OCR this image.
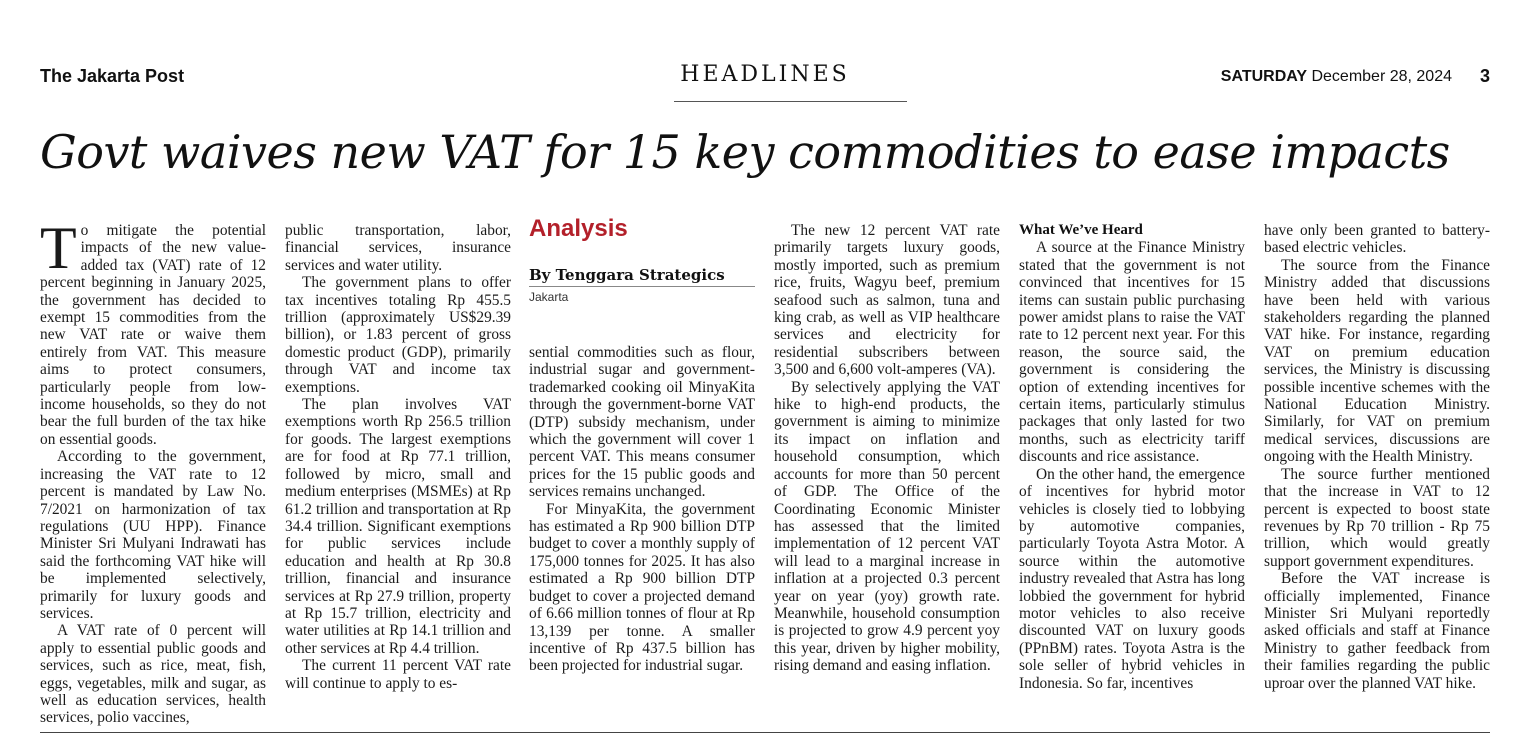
The Jakarta Post	HEADLINES	SATURDAY December 28, 2024 3
Govt waives new VAT for 15 key commodities to ease impacts

To mitigate the potential impacts of the new value-added tax (VAT) rate of 12 percent beginning in January 2025, the government has decided to exempt 15 commodities from the new VAT rate or waive them entirely from VAT. This measure aims to protect consumers, particularly people from low-income households, so they do not bear the full burden of the tax hike on essential goods.

According to the government, increasing the VAT rate to 12 percent is mandated by Law No. 7/2021 on harmonization of tax regulations (UU HPP). Finance Minister Sri Mulyani Indrawati has said the forthcoming VAT hike will be implemented selectively, primarily for luxury goods and services.

A VAT rate of 0 percent will apply to essential public goods and services, such as rice, meat, fish, eggs, vegetables, milk and sugar, as well as education services, health services, polio vaccines,

public transportation, labor, financial services, insurance services and water utility.

The government plans to offer tax incentives totaling Rp 455.5 trillion (approximately US$29.39 billion), or 1.83 percent of gross domestic product (GDP), primarily through VAT and income tax exemptions.

The plan involves VAT exemptions worth Rp 256.5 trillion for goods. The largest exemptions are for food at Rp 77.1 trillion, followed by micro, small and medium enterprises (MSMEs) at Rp 61.2 trillion and transportation at Rp 34.4 trillion. Significant exemptions for public services include education and health at Rp 30.8 trillion, financial and insurance services at Rp 27.9 trillion, property at Rp 15.7 trillion, electricity and water utilities at Rp 14.1 trillion and other services at Rp 4.4 trillion.

The current 11 percent VAT rate will continue to apply to es-

Analysis
By Tenggara Strategics
Jakarta

sential commodities such as flour, industrial sugar and government-trademarked cooking oil MinyaKita through the government-borne VAT (DTP) subsidy mechanism, under which the government will cover 1 percent VAT. This means consumer prices for the 15 public goods and services remains unchanged.

For MinyaKita, the government has estimated a Rp 900 billion DTP budget to cover a monthly supply of 175,000 tonnes for 2025. It has also estimated a Rp 900 billion DTP budget to cover a projected demand of 6.66 million tonnes of flour at Rp 13,139 per tonne. A smaller incentive of Rp 437.5 billion has been projected for industrial sugar.

The new 12 percent VAT rate primarily targets luxury goods, mostly imported, such as premium rice, fruits, Wagyu beef, premium seafood such as salmon, tuna and king crab, as well as VIP healthcare services and electricity for residential subscribers between 3,500 and 6,600 volt-amperes (VA).

By selectively applying the VAT hike to high-end products, the government is aiming to minimize its impact on inflation and household consumption, which accounts for more than 50 percent of GDP. The Office of the Coordinating Economic Minister has assessed that the limited implementation of 12 percent VAT will lead to a marginal increase in inflation at a projected 0.3 percent year on year (yoy) growth rate. Meanwhile, household consumption is projected to grow 4.9 percent yoy this year, driven by higher mobility, rising demand and easing inflation.

What We’ve Heard

A source at the Finance Ministry stated that the government is not convinced that incentives for 15 items can sustain public purchasing power amidst plans to raise the VAT rate to 12 percent next year. For this reason, the source said, the government is considering the option of extending incentives for certain items, particularly stimulus packages that only lasted for two months, such as electricity tariff discounts and rice assistance.

On the other hand, the emergence of incentives for hybrid motor vehicles is closely tied to lobbying by automotive companies, particularly Toyota Astra Motor. A source within the automotive industry revealed that Astra has long lobbied the government for hybrid motor vehicles to also receive discounted VAT on luxury goods (PPnBM) rates. Toyota Astra is the sole seller of hybrid vehicles in Indonesia. So far, incentives

have only been granted to battery-based electric vehicles.

The source from the Finance Ministry added that discussions have been held with various stakeholders regarding the planned VAT hike. For instance, regarding VAT on premium education services, the Ministry is discussing possible incentive schemes with the National Education Ministry. Similarly, for VAT on premium medical services, discussions are ongoing with the Health Ministry.

The source further mentioned that the increase in VAT to 12 percent is expected to boost state revenues by Rp 70 trillion - Rp 75 trillion, which would greatly support government expenditures.

Before the VAT increase is officially implemented, Finance Minister Sri Mulyani reportedly asked officials and staff at Finance Ministry to gather feedback from their families regarding the public uproar over the planned VAT hike.
